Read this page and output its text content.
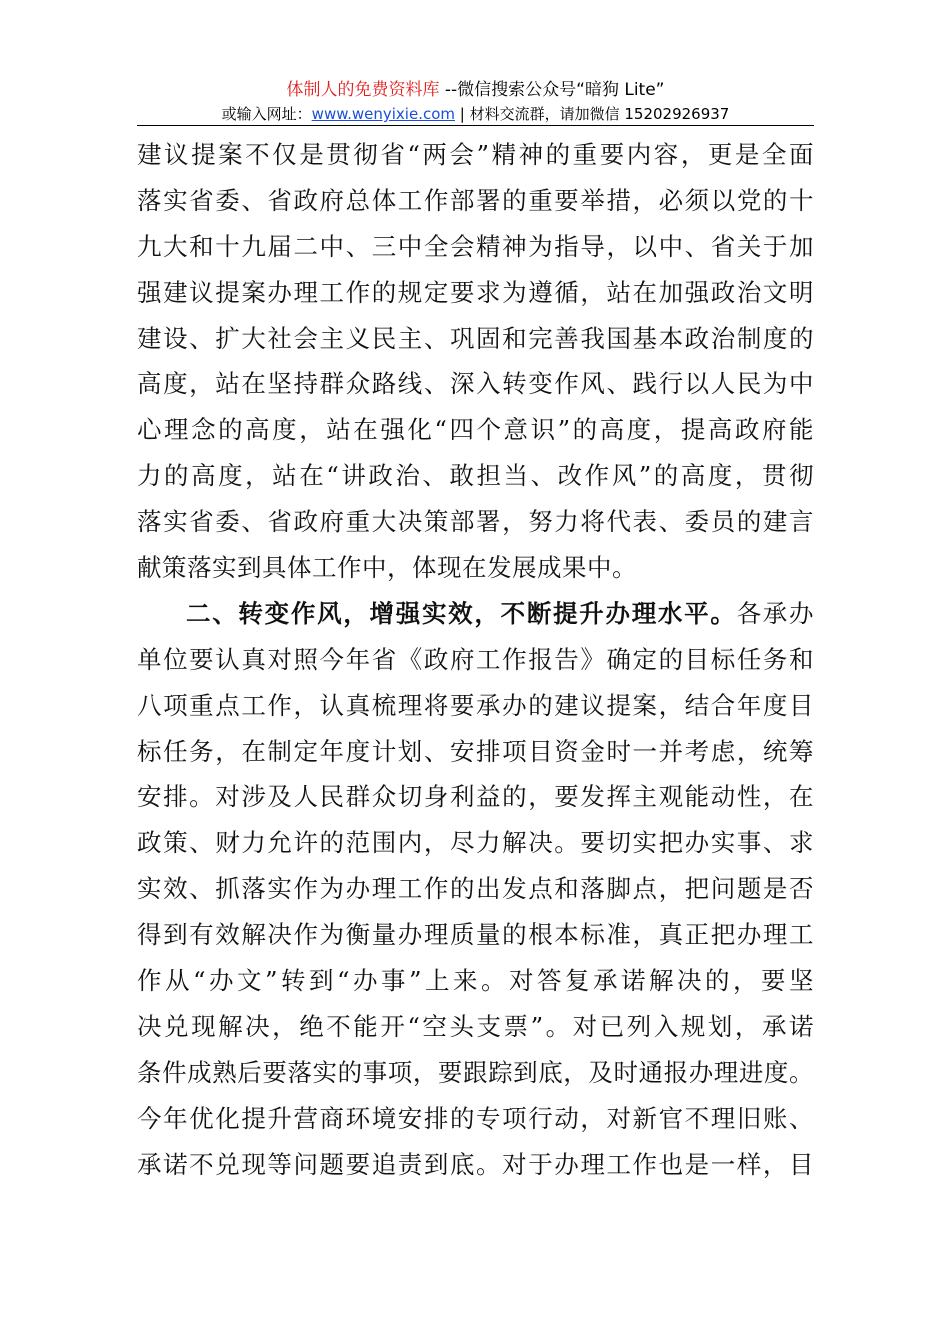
体制人的免费资料库 --微信搜索公众号“暗狗 Lite”
或输入网址：www.wenyixie.com | 材料交流群，请加微信 15202926937
建议提案不仅是贯彻省“两会”精神的重要内容，更是全面
落实省委、省政府总体工作部署的重要举措，必须以党的十
九大和十九届二中、三中全会精神为指导，以中、省关于加
强建议提案办理工作的规定要求为遵循，站在加强政治文明
建设、扩大社会主义民主、巩固和完善我国基本政治制度的
高度，站在坚持群众路线、深入转变作风、践行以人民为中
心理念的高度，站在强化“四个意识”的高度，提高政府能
力的高度，站在“讲政治、敢担当、改作风”的高度，贯彻
落实省委、省政府重大决策部署，努力将代表、委员的建言
献策落实到具体工作中，体现在发展成果中。
二、转变作风，增强实效，不断提升办理水平。各承办
单位要认真对照今年省《政府工作报告》确定的目标任务和
八项重点工作，认真梳理将要承办的建议提案，结合年度目
标任务，在制定年度计划、安排项目资金时一并考虑，统筹
安排。对涉及人民群众切身利益的，要发挥主观能动性，在
政策、财力允许的范围内，尽力解决。要切实把办实事、求
实效、抓落实作为办理工作的出发点和落脚点，把问题是否
得到有效解决作为衡量办理质量的根本标准，真正把办理工
作从“办文”转到“办事”上来。对答复承诺解决的，要坚
决兑现解决，绝不能开“空头支票”。对已列入规划，承诺
条件成熟后要落实的事项，要跟踪到底，及时通报办理进度。
今年优化提升营商环境安排的专项行动，对新官不理旧账、
承诺不兑现等问题要追责到底。对于办理工作也是一样，目
